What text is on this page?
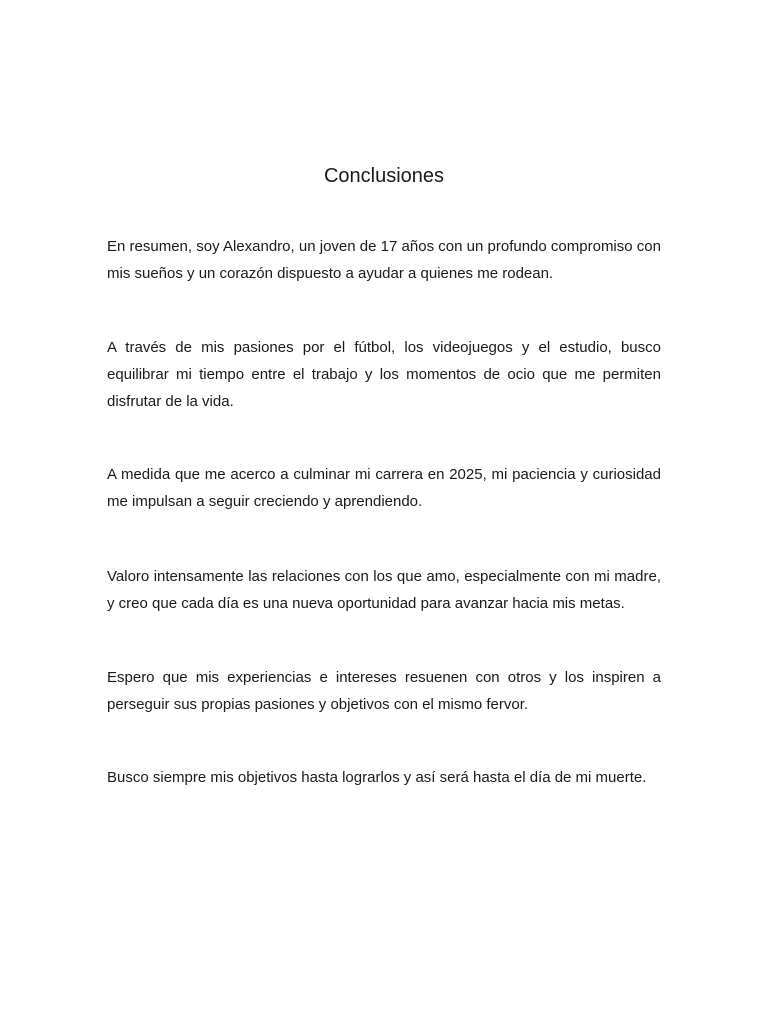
Conclusiones

En resumen, soy Alexandro, un joven de 17 años con un profundo compromiso con mis sueños y un corazón dispuesto a ayudar a quienes me rodean.

A través de mis pasiones por el fútbol, los videojuegos y el estudio, busco equilibrar mi tiempo entre el trabajo y los momentos de ocio que me permiten disfrutar de la vida.

A medida que me acerco a culminar mi carrera en 2025, mi paciencia y curiosidad me impulsan a seguir creciendo y aprendiendo.

Valoro intensamente las relaciones con los que amo, especialmente con mi madre, y creo que cada día es una nueva oportunidad para avanzar hacia mis metas.

Espero que mis experiencias e intereses resuenen con otros y los inspiren a perseguir sus propias pasiones y objetivos con el mismo fervor.

Busco siempre mis objetivos hasta lograrlos y así será hasta el día de mi muerte.
